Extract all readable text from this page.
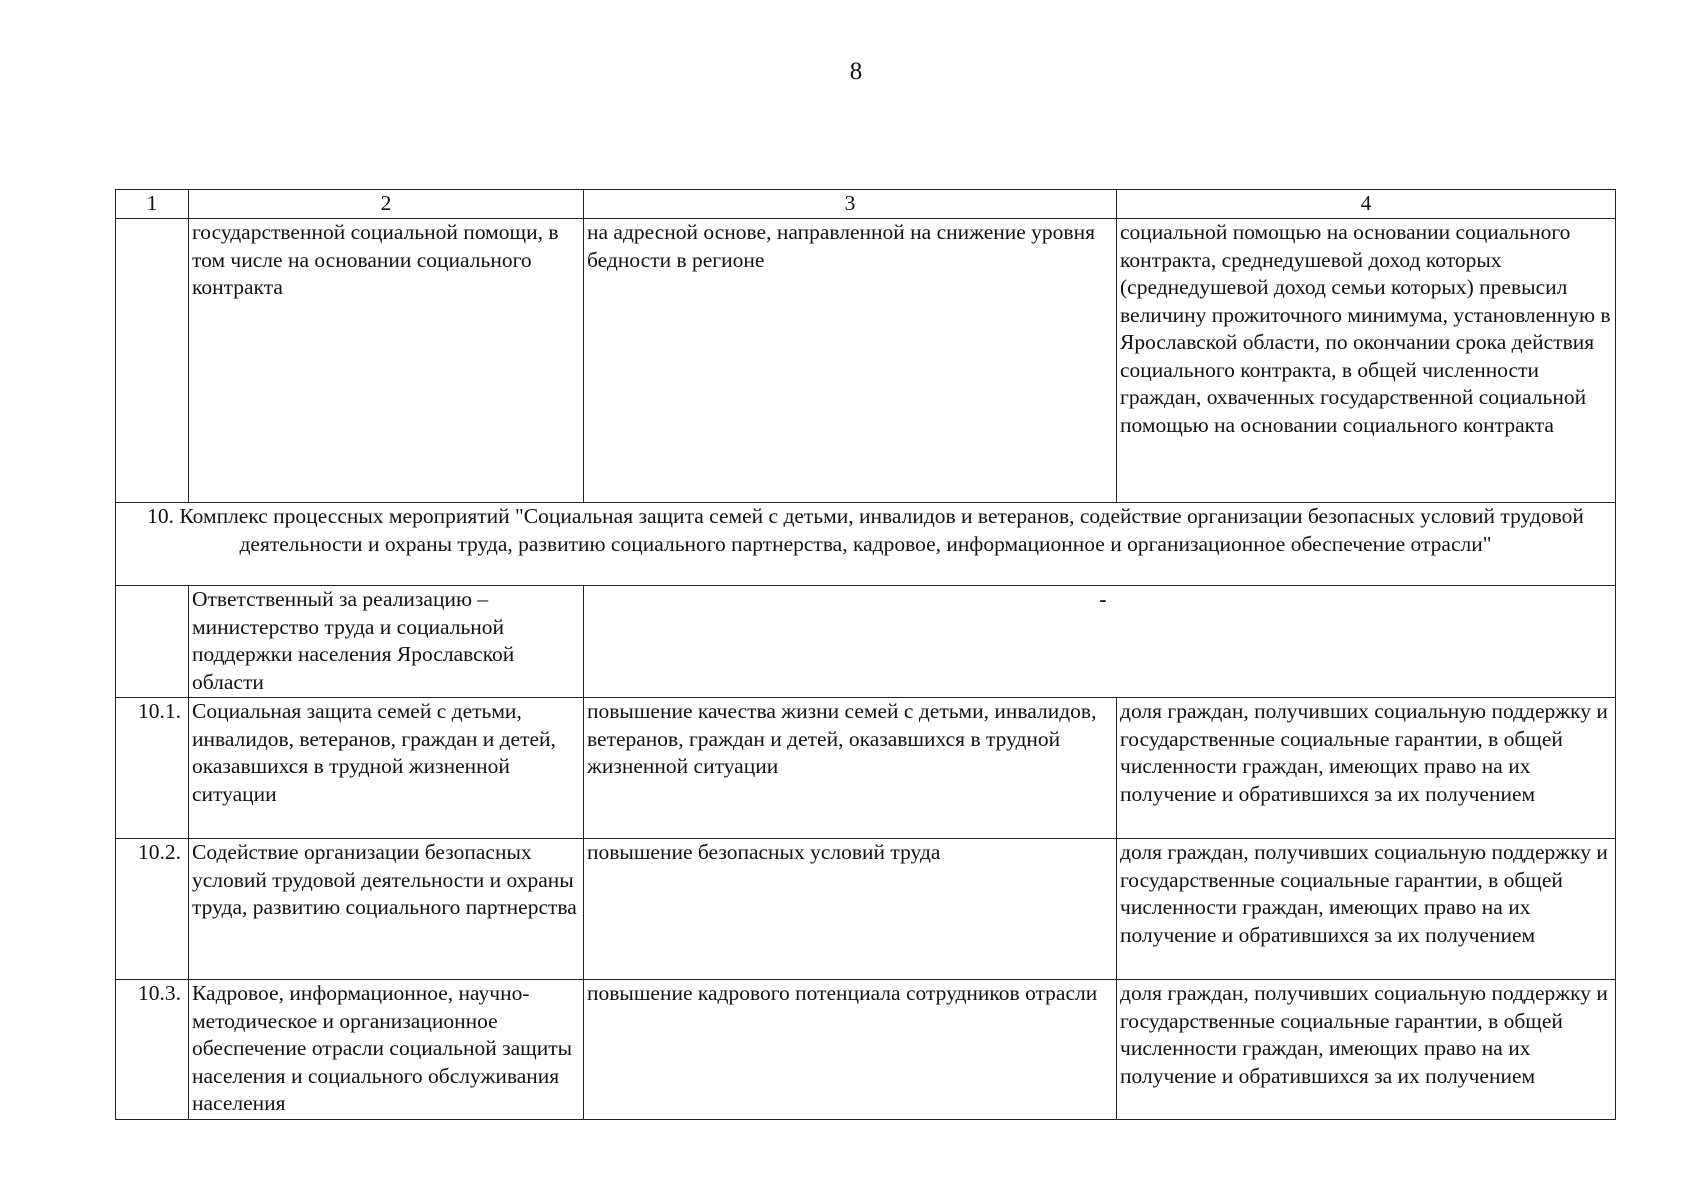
8
1	2	3	4
	государственной социальной помощи, в том числе на основании социального контракта	на адресной основе, направленной на снижение уровня бедности в регионе	социальной помощью на основании социального контракта, среднедушевой доход которых (среднедушевой доход семьи которых) превысил величину прожиточного минимума, установленную в Ярославской области, по окончании срока действия социального контракта, в общей численности граждан, охваченных государственной социальной помощью на основании социального контракта
10. Комплекс процессных мероприятий "Социальная защита семей с детьми, инвалидов и ветеранов, содействие организации безопасных условий трудовой деятельности и охраны труда, развитию социального партнерства, кадровое, информационное и организационное обеспечение отрасли"			
	Ответственный за реализацию – министерство труда и социальной поддержки населения Ярославской области	-	
10.1.	Социальная защита семей с детьми, инвалидов, ветеранов, граждан и детей, оказавшихся в трудной жизненной ситуации	повышение качества жизни семей с детьми, инвалидов, ветеранов, граждан и детей, оказавшихся в трудной жизненной ситуации	доля граждан, получивших социальную поддержку и государственные социальные гарантии, в общей численности граждан, имеющих право на их получение и обратившихся за их получением
10.2.	Содействие организации безопасных условий трудовой деятельности и охраны труда, развитию социального партнерства	повышение безопасных условий труда	доля граждан, получивших социальную поддержку и государственные социальные гарантии, в общей численности граждан, имеющих право на их получение и обратившихся за их получением
10.3.	Кадровое, информационное, научно-методическое и организационное обеспечение отрасли социальной защиты населения и социального обслуживания населения	повышение кадрового потенциала сотрудников отрасли	доля граждан, получивших социальную поддержку и государственные социальные гарантии, в общей численности граждан, имеющих право на их получение и обратившихся за их получением
